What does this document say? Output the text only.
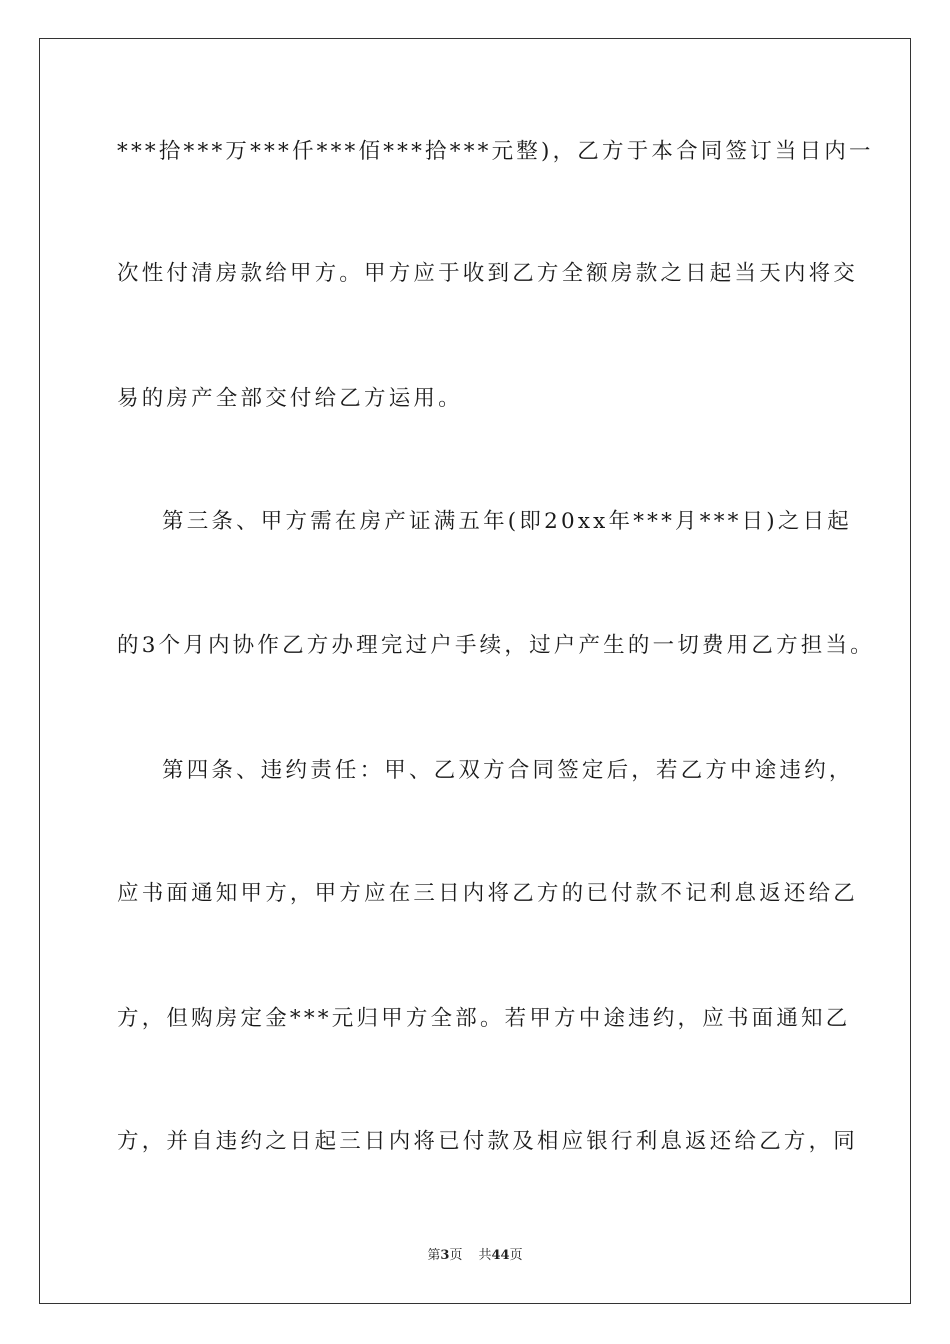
***拾***万***仟***佰***拾***元整)，乙方于本合同签订当日内一
次性付清房款给甲方。甲方应于收到乙方全额房款之日起当天内将交
易的房产全部交付给乙方运用。
第三条、甲方需在房产证满五年(即20xx年***月***日)之日起
的3个月内协作乙方办理完过户手续，过户产生的一切费用乙方担当。
第四条、违约责任：甲、乙双方合同签定后，若乙方中途违约，
应书面通知甲方，甲方应在三日内将乙方的已付款不记利息返还给乙
方，但购房定金***元归甲方全部。若甲方中途违约，应书面通知乙
方，并自违约之日起三日内将已付款及相应银行利息返还给乙方，同
第3页 共44页
